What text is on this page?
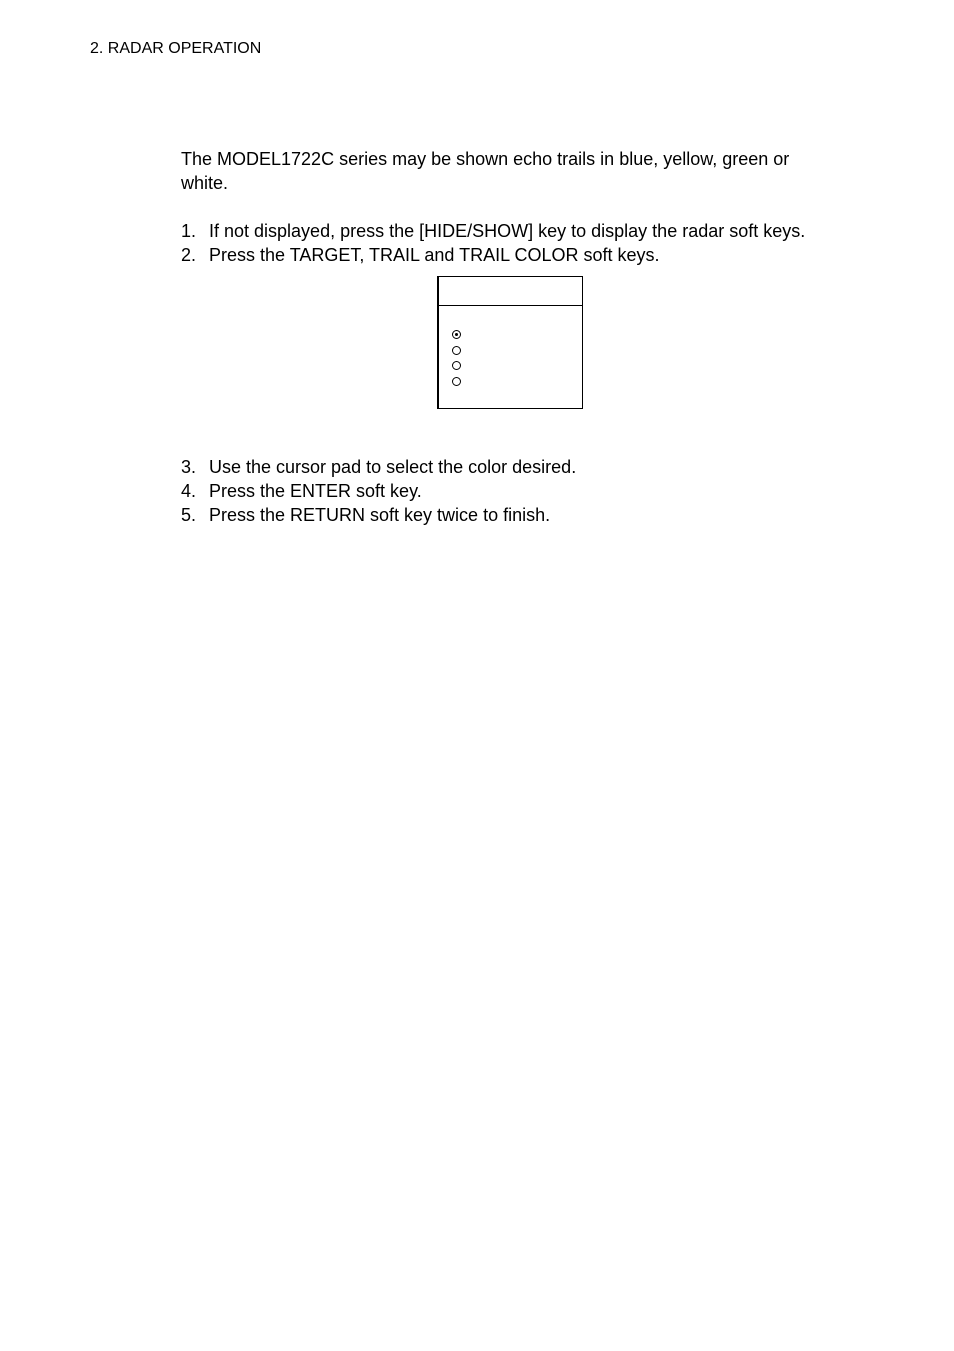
2. RADAR OPERATION

The MODEL1722C series may be shown echo trails in blue, yellow, green or white.

1. If not displayed, press the [HIDE/SHOW] key to display the radar soft keys.
2. Press the TARGET, TRAIL and TRAIL COLOR soft keys.
3. Use the cursor pad to select the color desired.
4. Press the ENTER soft key.
5. Press the RETURN soft key twice to finish.
